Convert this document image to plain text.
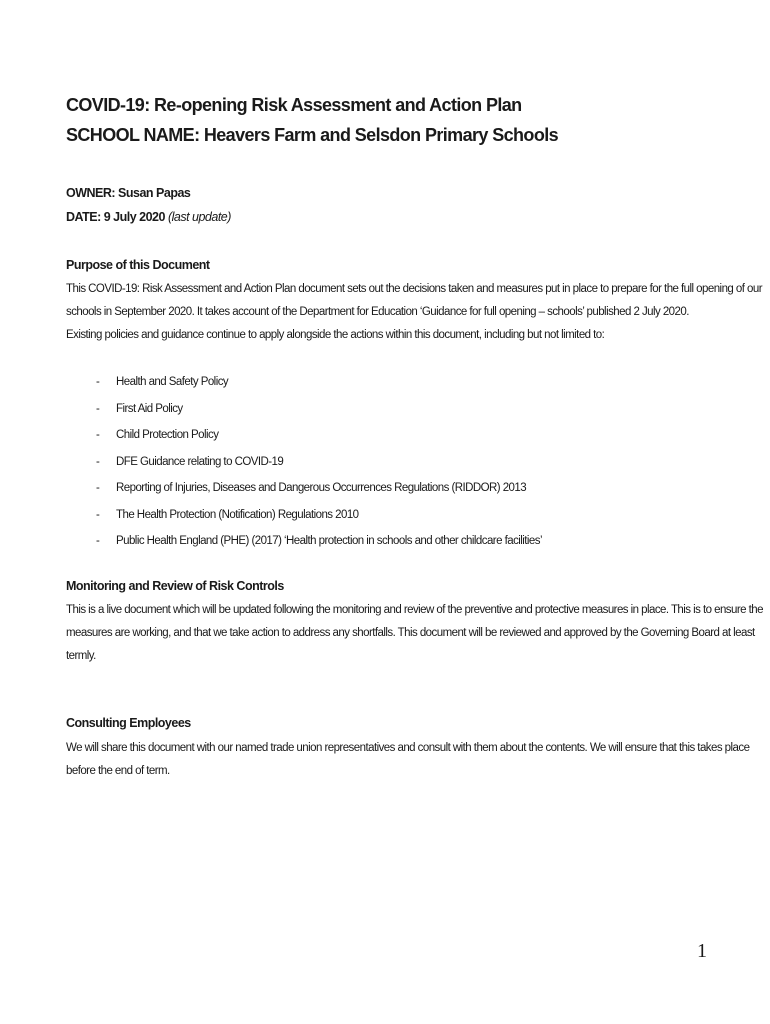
COVID-19: Re-opening Risk Assessment and Action Plan
SCHOOL NAME: Heavers Farm and Selsdon Primary Schools
OWNER: Susan Papas
DATE: 9 July 2020 (last update)
Purpose of this Document
This COVID-19: Risk Assessment and Action Plan document sets out the decisions taken and measures put in place to prepare for the full opening of our
schools in September 2020. It takes account of the Department for Education ‘Guidance for full opening – schools’ published 2 July 2020.
Existing policies and guidance continue to apply alongside the actions within this document, including but not limited to:
- Health and Safety Policy
- First Aid Policy
- Child Protection Policy
- DFE Guidance relating to COVID-19
- Reporting of Injuries, Diseases and Dangerous Occurrences Regulations (RIDDOR) 2013
- The Health Protection (Notification) Regulations 2010
- Public Health England (PHE) (2017) ‘Health protection in schools and other childcare facilities’
Monitoring and Review of Risk Controls
This is a live document which will be updated following the monitoring and review of the preventive and protective measures in place. This is to ensure the
measures are working, and that we take action to address any shortfalls. This document will be reviewed and approved by the Governing Board at least
termly.
Consulting Employees
We will share this document with our named trade union representatives and consult with them about the contents. We will ensure that this takes place
before the end of term.
1
